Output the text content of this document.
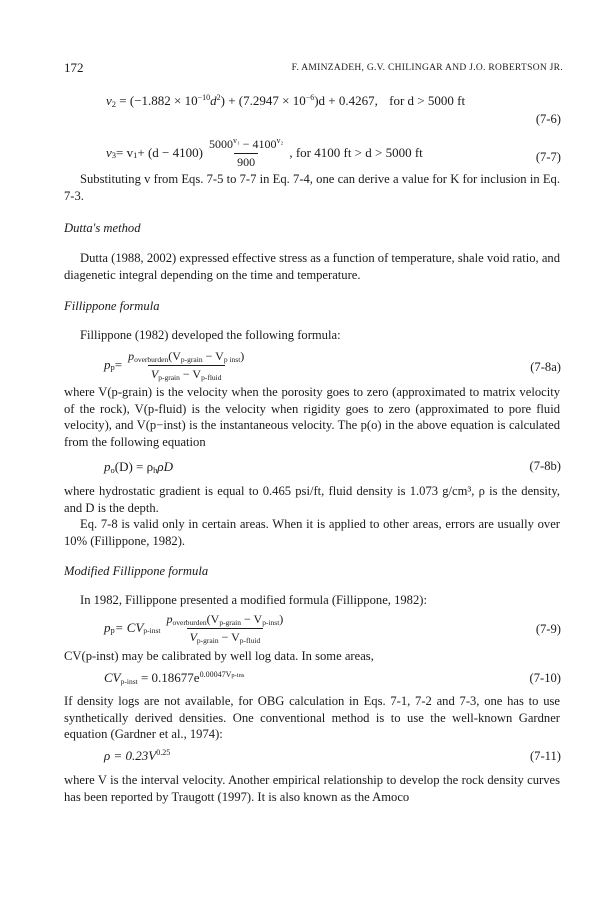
172	F. AMINZADEH, G.V. CHILINGAR AND J.O. ROBERTSON JR.
$v2 = (-1.882 \times 10^{-10}d^2) + (7.2947 \times 10^{-6})d + 0.4267$, for d > 5000 ft
(7-6)
v 3 = v $1 + (d - 4100) \frac{5000^{v_1} - 4100^{v_2}}{900}$ , for 4100 ft > d > 5000 ft	(7-7)
Substituting v from Eqs. 7-5 to 7-7 in Eq. 7-4, one can derive a value for K for inclusion in Eq. 7-3.
Dutta's method
Dutta (1988, 2002) expressed effective stress as a function of temperature, shale void ratio, and diagenetic integral depending on the time and temperature.
Fillippone formula
Fillippone (1982) developed the following formula:
p $p = \frac{\text{poverburden(Vp-grain − Vp inst)}}{\text{Vp-grain − Vp-fluid}}$	(7-8a)
where V(p-grain) is the velocity when the porosity goes to zero (approximated to matrix velocity of the rock), V(p-fluid) is the velocity when rigidity goes to zero (approximated to pore fluid velocity), and V(p−inst) is the instantaneous velocity. The p(o) in the above equation is calculated from the following equation
po(D) = ρhρD	(7-8b)
where hydrostatic gradient is equal to 0.465 psi/ft, fluid density is 1.073 g/cm³, ρ is the density, and D is the depth.
Eq. 7-8 is valid only in certain areas. When it is applied to other areas, errors are usually over 10% (Fillippone, 1982).
Modified Fillippone formula
In 1982, Fillippone presented a modified formula (Fillippone, 1982):
p p = CV p-inst $\frac{\text{poverburden(Vp-grain − Vp-inst)}}{\text{Vp-grain − Vp-fluid}}$	(7-9)
CV(p-inst) may be calibrated by well log data. In some areas,
CVp-inst = $0.18677e^{0.00047Vp-ins}$	(7-10)
If density logs are not available, for OBG calculation in Eqs. 7-1, 7-2 and 7-3, one has to use synthetically derived densities. One conventional method is to use the well-known Gardner equation (Gardner et al., 1974):
$\rho = 0.23V^{0.25}$	(7-11)
where V is the interval velocity. Another empirical relationship to develop the rock density curves has been reported by Traugott (1997). It is also known as the Amoco
